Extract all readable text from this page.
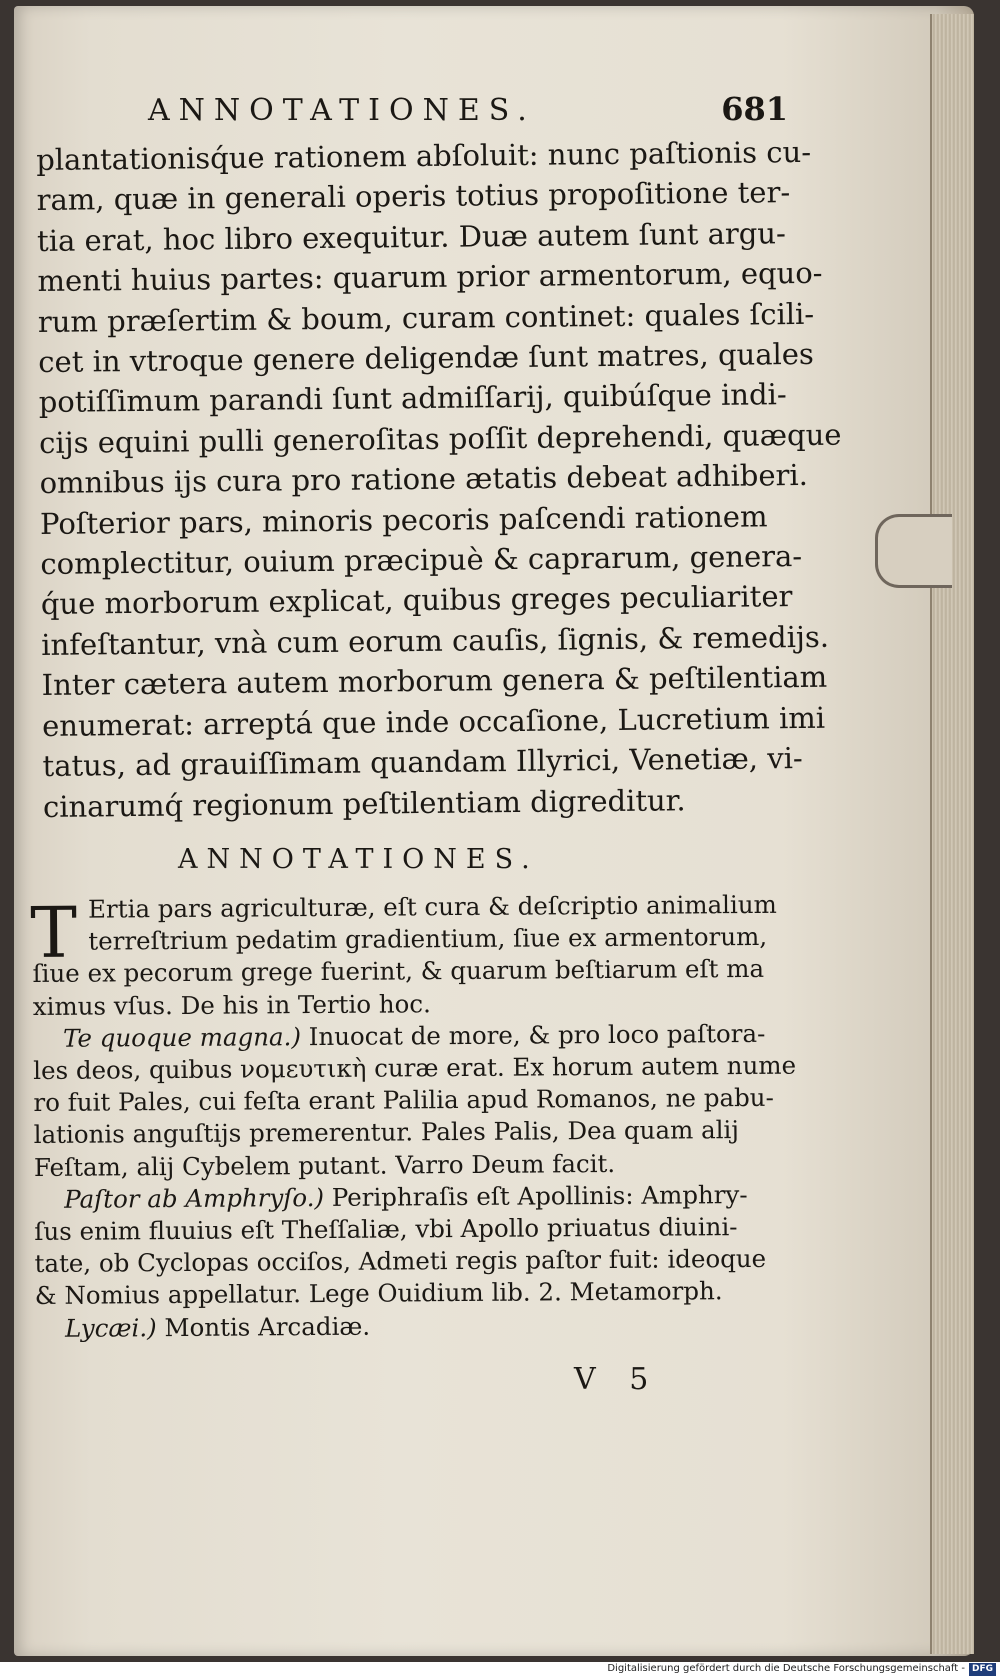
ANNOTATIONES.	681
plantationisq́ue rationem abſoluit: nunc paſtionis cu-
ram, quæ in generali operis totius propoſitione ter-
tia erat, hoc libro exequitur. Duæ autem ſunt argu-
menti huius partes: quarum prior armentorum, equo-
rum præſertim & boum, curam continet: quales ſcili-
cet in vtroque genere deligendæ ſunt matres, quales
potiſſimum parandi ſunt admiſſarij, quibúſque indi-
cijs equini pulli generoſitas poſſit deprehendi, quæque
omnibus ijs cura pro ratione ætatis debeat adhiberi.
Poſterior pars, minoris pecoris paſcendi rationem
complectitur, ouium præcipuè & caprarum, genera-
q́ue morborum explicat, quibus greges peculiariter
infeſtantur, vnà cum eorum cauſis, ſignis, & remedijs.
Inter cætera autem morborum genera & peſtilentiam
enumerat: arreptá que inde occaſione, Lucretium imi
tatus, ad grauiſſimam quandam Illyrici, Venetiæ, vi-
cinarumq́ regionum peſtilentiam digreditur.
ANNOTATIONES.
T Ertia pars agriculturæ, eſt cura & deſcriptio animalium
terreſtrium pedatim gradientium, ſiue ex armentorum,
ſiue ex pecorum grege fuerint, & quarum beſtiarum eſt ma
ximus vſus. De his in Tertio hoc.
Te quoque magna.) Inuocat de more, & pro loco paſtora-
les deos, quibus νομευτικὴ curæ erat. Ex horum autem nume
ro fuit Pales, cui feſta erant Palilia apud Romanos, ne pabu-
lationis anguſtijs premerentur. Pales Palis, Dea quam alij
Feſtam, alij Cybelem putant. Varro Deum facit.
Paſtor ab Amphryſo.) Periphraſis eſt Apollinis: Amphry-
ſus enim fluuius eſt Theſſaliæ, vbi Apollo priuatus diuini-
tate, ob Cyclopas occiſos, Admeti regis paſtor fuit: ideoque
& Nomius appellatur. Lege Ouidium lib. 2. Metamorph.
Lycæi.) Montis Arcadiæ.
V 5
Digitalisierung gefördert durch die Deutsche Forschungsgemeinschaft - DFG
